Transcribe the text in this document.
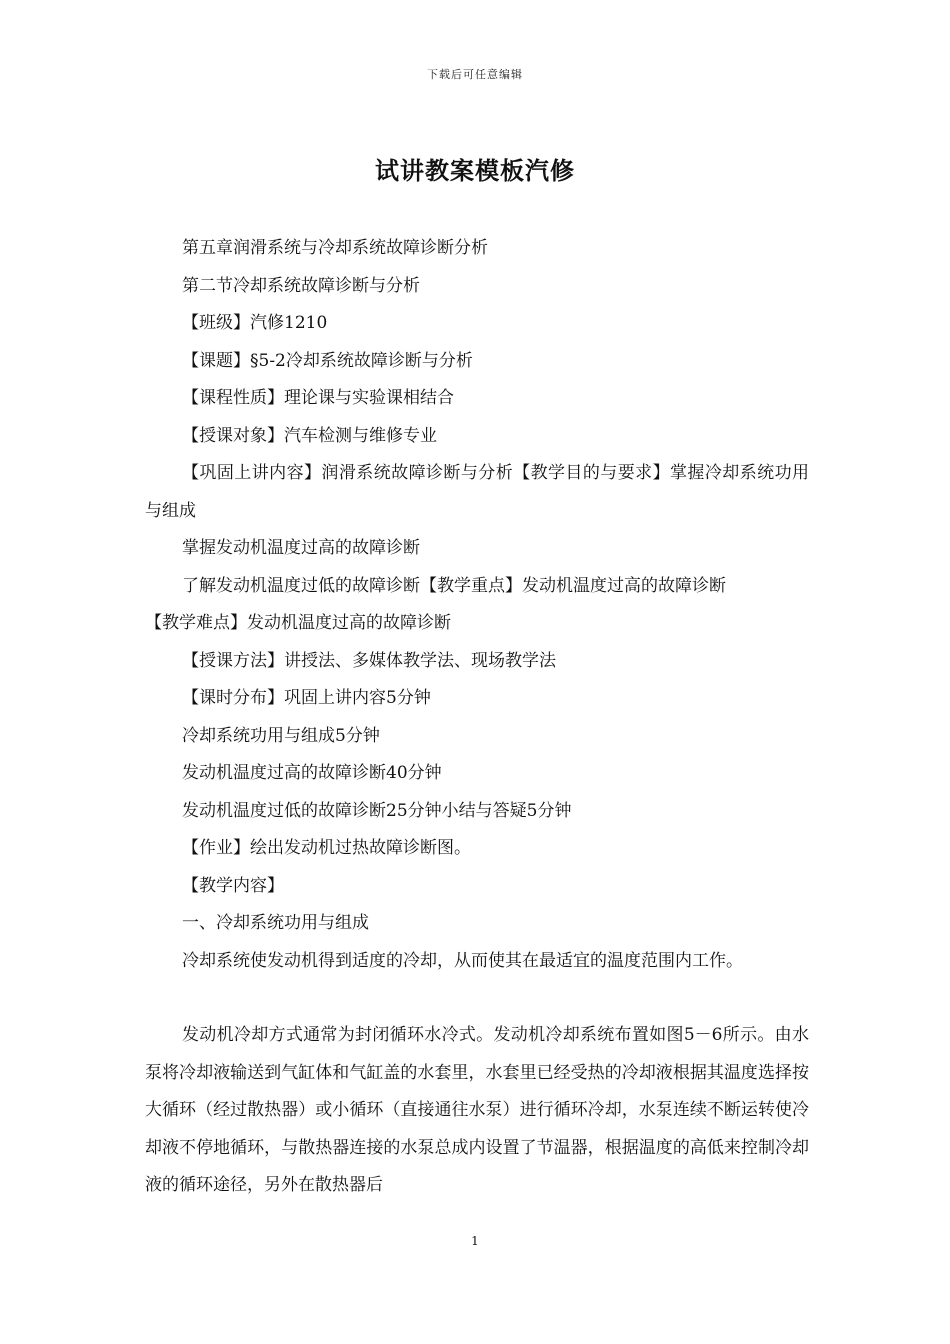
下载后可任意编辑
试讲教案模板汽修

第五章润滑系统与冷却系统故障诊断分析

第二节冷却系统故障诊断与分析

【班级】汽修1210

【课题】§5-2冷却系统故障诊断与分析

【课程性质】理论课与实验课相结合

【授课对象】汽车检测与维修专业

【巩固上讲内容】润滑系统故障诊断与分析【教学目的与要求】掌握冷却系统功用与组成

掌握发动机温度过高的故障诊断

了解发动机温度过低的故障诊断【教学重点】发动机温度过高的故障诊断

【教学难点】发动机温度过高的故障诊断

【授课方法】讲授法、多媒体教学法、现场教学法

【课时分布】巩固上讲内容5分钟

冷却系统功用与组成5分钟

发动机温度过高的故障诊断40分钟

发动机温度过低的故障诊断25分钟小结与答疑5分钟

【作业】绘出发动机过热故障诊断图。

【教学内容】

一、冷却系统功用与组成

冷却系统使发动机得到适度的冷却，从而使其在最适宜的温度范围内工作。

发动机冷却方式通常为封闭循环水冷式。发动机冷却系统布置如图5－6所示。由水泵将冷却液输送到气缸体和气缸盖的水套里，水套里已经受热的冷却液根据其温度选择按大循环（经过散热器）或小循环（直接通往水泵）进行循环冷却，水泵连续不断运转使冷却液不停地循环，与散热器连接的水泵总成内设置了节温器，根据温度的高低来控制冷却液的循环途径，另外在散热器后

1
